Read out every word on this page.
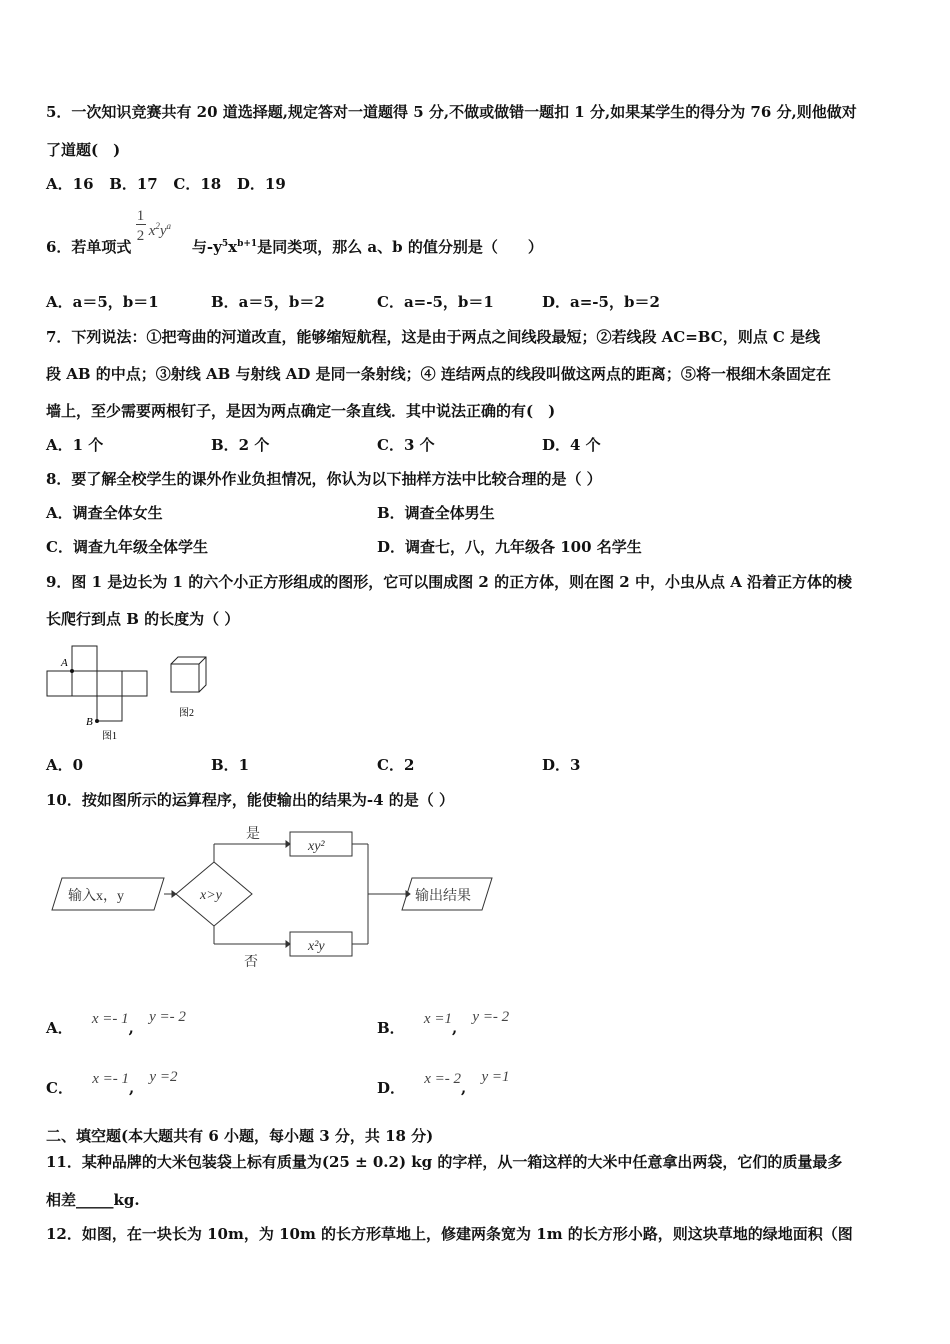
5．一次知识竞赛共有 20 道选择题,规定答对一道题得 5 分,不做或做错一题扣 1 分,如果某学生的得分为 76 分,则他做对
了道题(　)
A．16 B．17 C．18 D．19
6．若单项式
1
2 $x^2y^a$
与$-y^5x^{b+1}$是同类项，那么 a、b 的值分别是（　　）
A．a＝5，b＝1	B．a＝5，b＝2	C．a=-5，b＝1	D．a=-5，b＝2
7．下列说法：①把弯曲的河道改直，能够缩短航程，这是由于两点之间线段最短；②若线段 AC=BC，则点 C 是线
段 AB 的中点；③射线 AB 与射线 AD 是同一条射线；④ 连结两点的线段叫做这两点的距离；⑤将一根细木条固定在
墙上，至少需要两根钉子，是因为两点确定一条直线．其中说法正确的有(　)
A．1 个	B．2 个	C．3 个	D．4 个
8．要了解全校学生的课外作业负担情况，你认为以下抽样方法中比较合理的是（ ）
A．调查全体女生	B．调查全体男生
C．调查九年级全体学生	D．调查七，八，九年级各 100 名学生
9．图 1 是边长为 1 的六个小正方形组成的图形，它可以围成图 2 的正方体，则在图 2 中，小虫从点 A 沿着正方体的棱
长爬行到点 B 的长度为（ ）
A
B
图1
图2
A．0	B．1	C．2	D．3
10．按如图所示的运算程序，能使输出的结果为-4 的是（ ）
输入x，y	x>y
是
否
xy²
x²y
输出结果
A． x =- 1, y =- 2
B． x =1, y =- 2
C． x =- 1, y =2
D． x =- 2, y =1
二、填空题(本大题共有 6 小题，每小题 3 分，共 18 分)
11．某种品牌的大米包装袋上标有质量为(25 ± 0.2) kg 的字样，从一箱这样的大米中任意拿出两袋，它们的质量最多
相差_____kg.
12．如图，在一块长为 10m，为 10m 的长方形草地上，修建两条宽为 1m 的长方形小路，则这块草地的绿地面积（图
